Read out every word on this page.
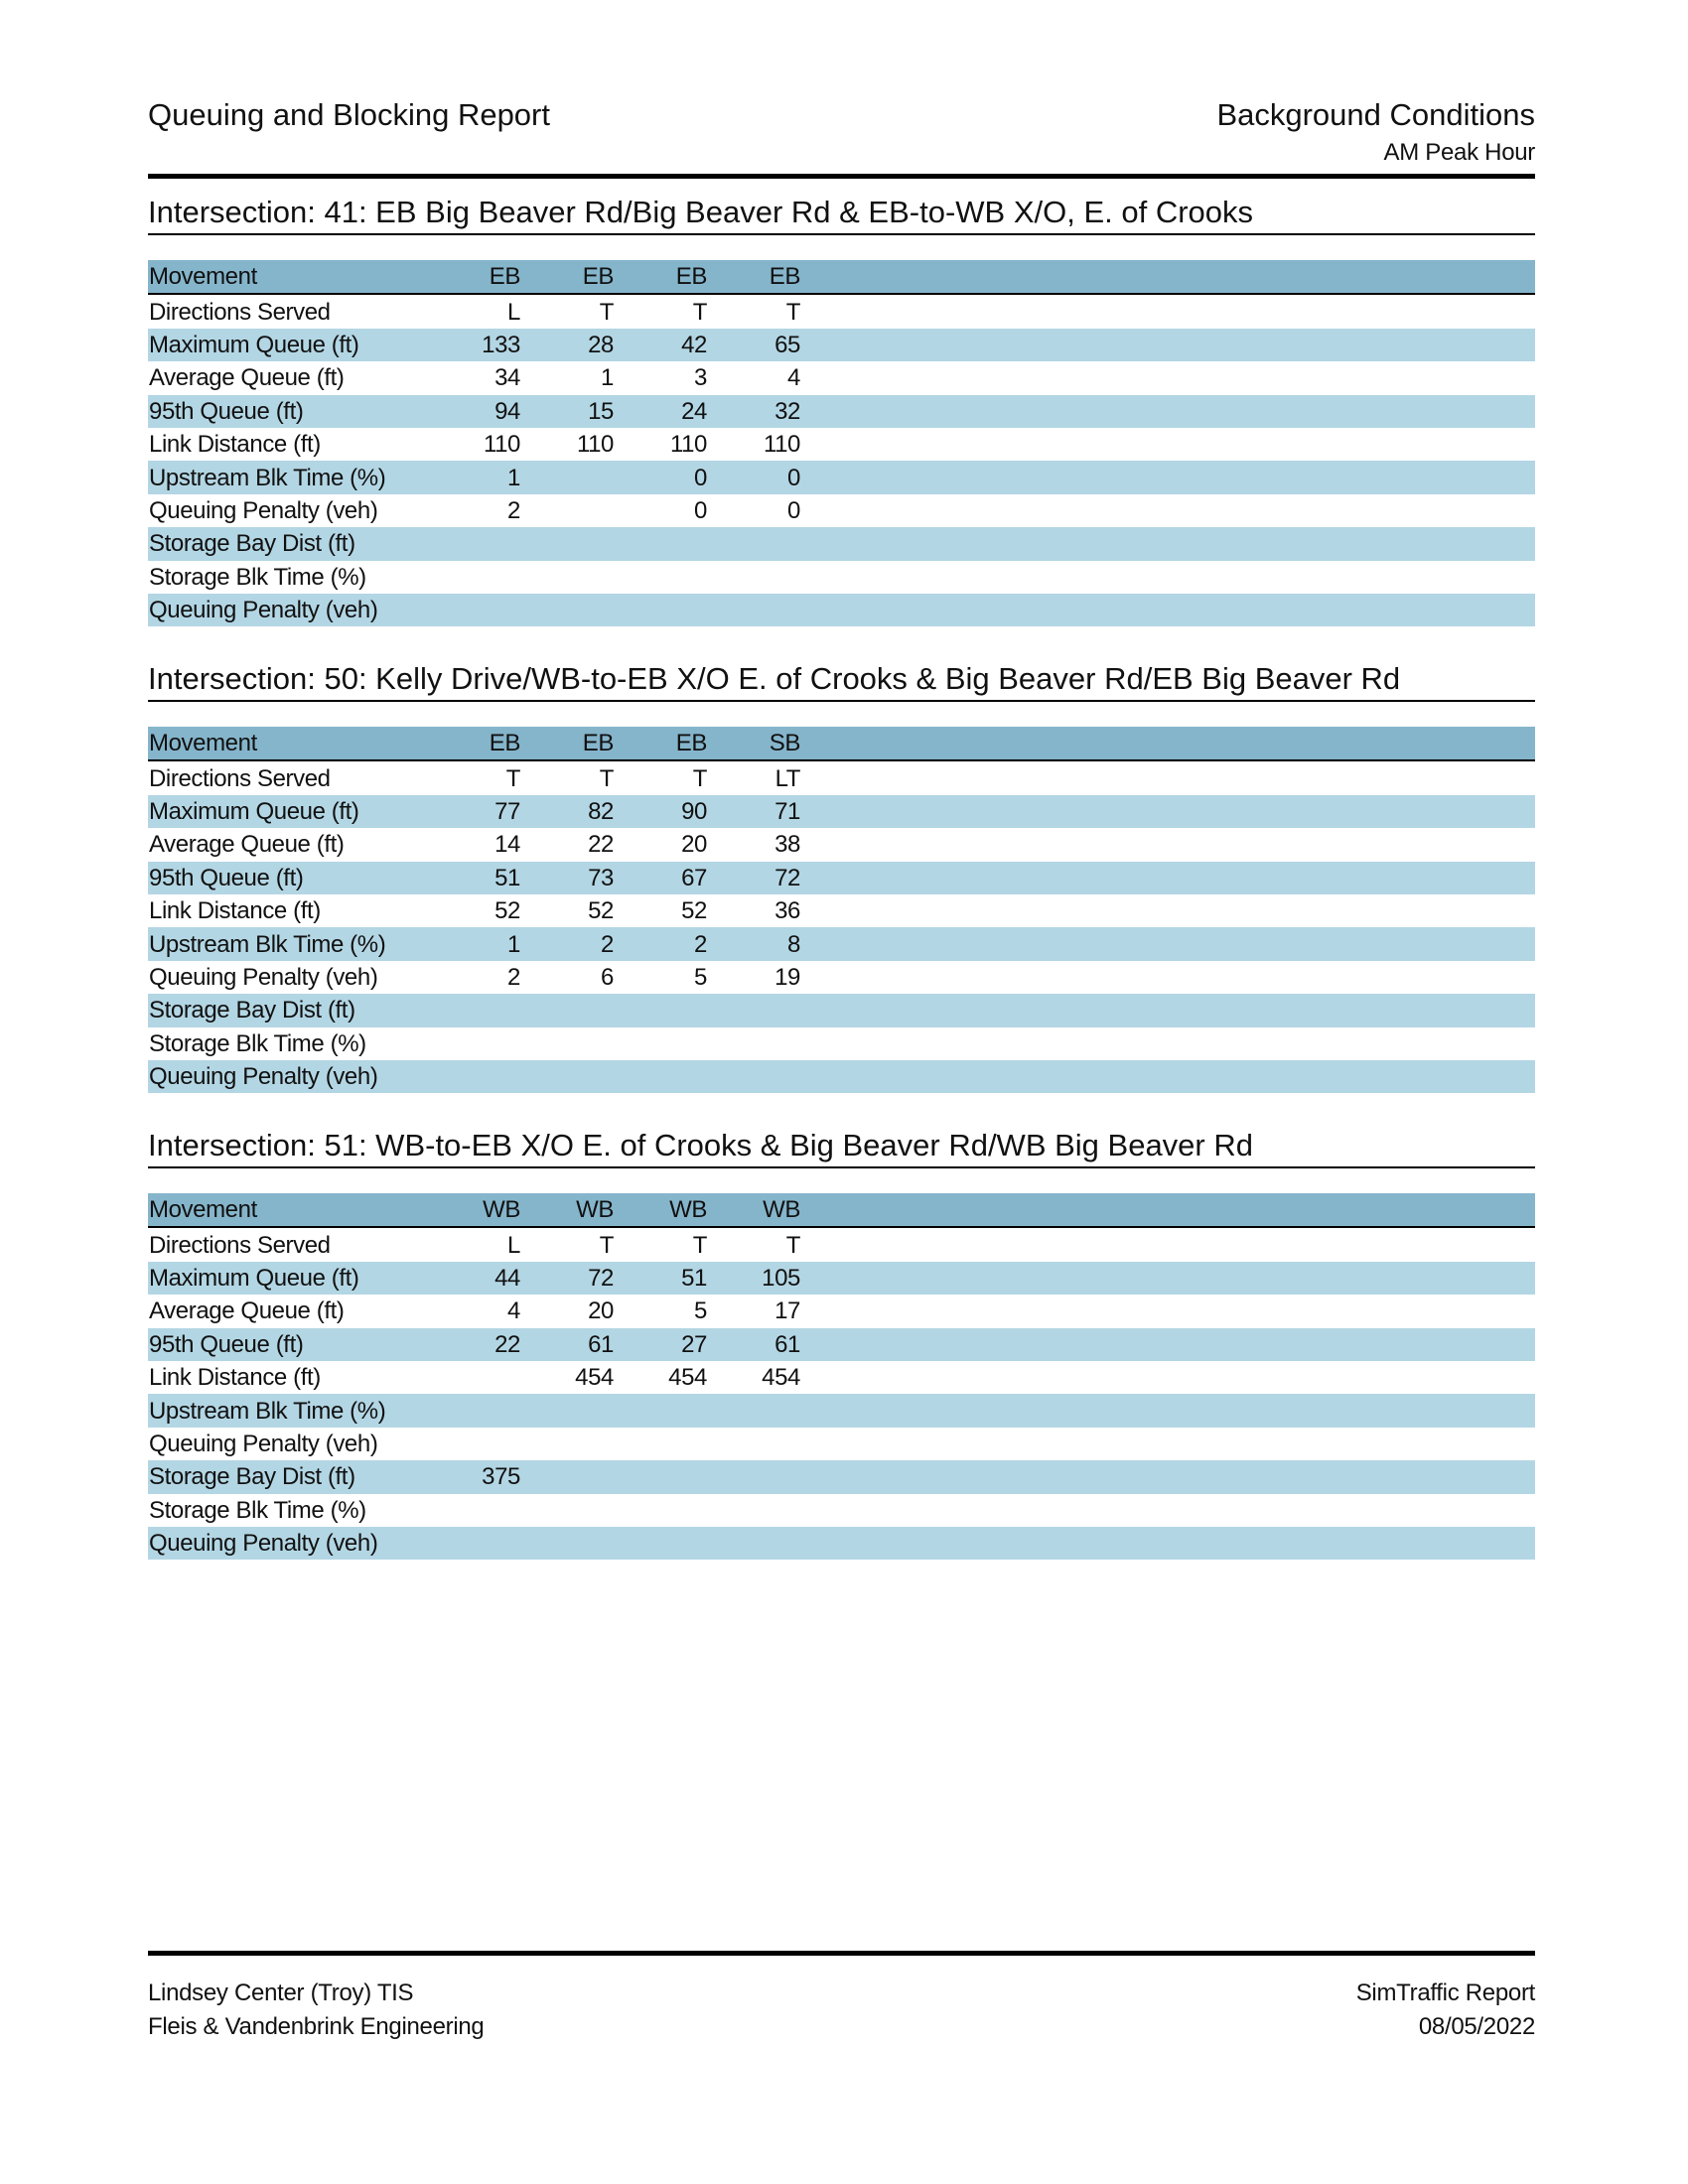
Queuing and Blocking Report	Background Conditions
AM Peak Hour
Intersection: 41: EB Big Beaver Rd/Big Beaver Rd & EB-to-WB X/O, E. of Crooks
Movement	EB	EB	EB	EB	
Directions Served	L	T	T	T	
Maximum Queue (ft)	133	28	42	65	
Average Queue (ft)	34	1	3	4	
95th Queue (ft)	94	15	24	32	
Link Distance (ft)	110	110	110	110	
Upstream Blk Time (%)	1		0	0	
Queuing Penalty (veh)	2		0	0	
Storage Bay Dist (ft)					
Storage Blk Time (%)					
Queuing Penalty (veh)					
Intersection: 50: Kelly Drive/WB-to-EB X/O E. of Crooks & Big Beaver Rd/EB Big Beaver Rd
Movement	EB	EB	EB	SB	
Directions Served	T	T	T	LT	
Maximum Queue (ft)	77	82	90	71	
Average Queue (ft)	14	22	20	38	
95th Queue (ft)	51	73	67	72	
Link Distance (ft)	52	52	52	36	
Upstream Blk Time (%)	1	2	2	8	
Queuing Penalty (veh)	2	6	5	19	
Storage Bay Dist (ft)					
Storage Blk Time (%)					
Queuing Penalty (veh)					
Intersection: 51: WB-to-EB X/O E. of Crooks & Big Beaver Rd/WB Big Beaver Rd
Movement	WB	WB	WB	WB	
Directions Served	L	T	T	T	
Maximum Queue (ft)	44	72	51	105	
Average Queue (ft)	4	20	5	17	
95th Queue (ft)	22	61	27	61	
Link Distance (ft)		454	454	454	
Upstream Blk Time (%)					
Queuing Penalty (veh)					
Storage Bay Dist (ft)	375				
Storage Blk Time (%)					
Queuing Penalty (veh)					
Lindsey Center (Troy) TIS
Fleis & Vandenbrink Engineering
SimTraffic Report
08/05/2022
